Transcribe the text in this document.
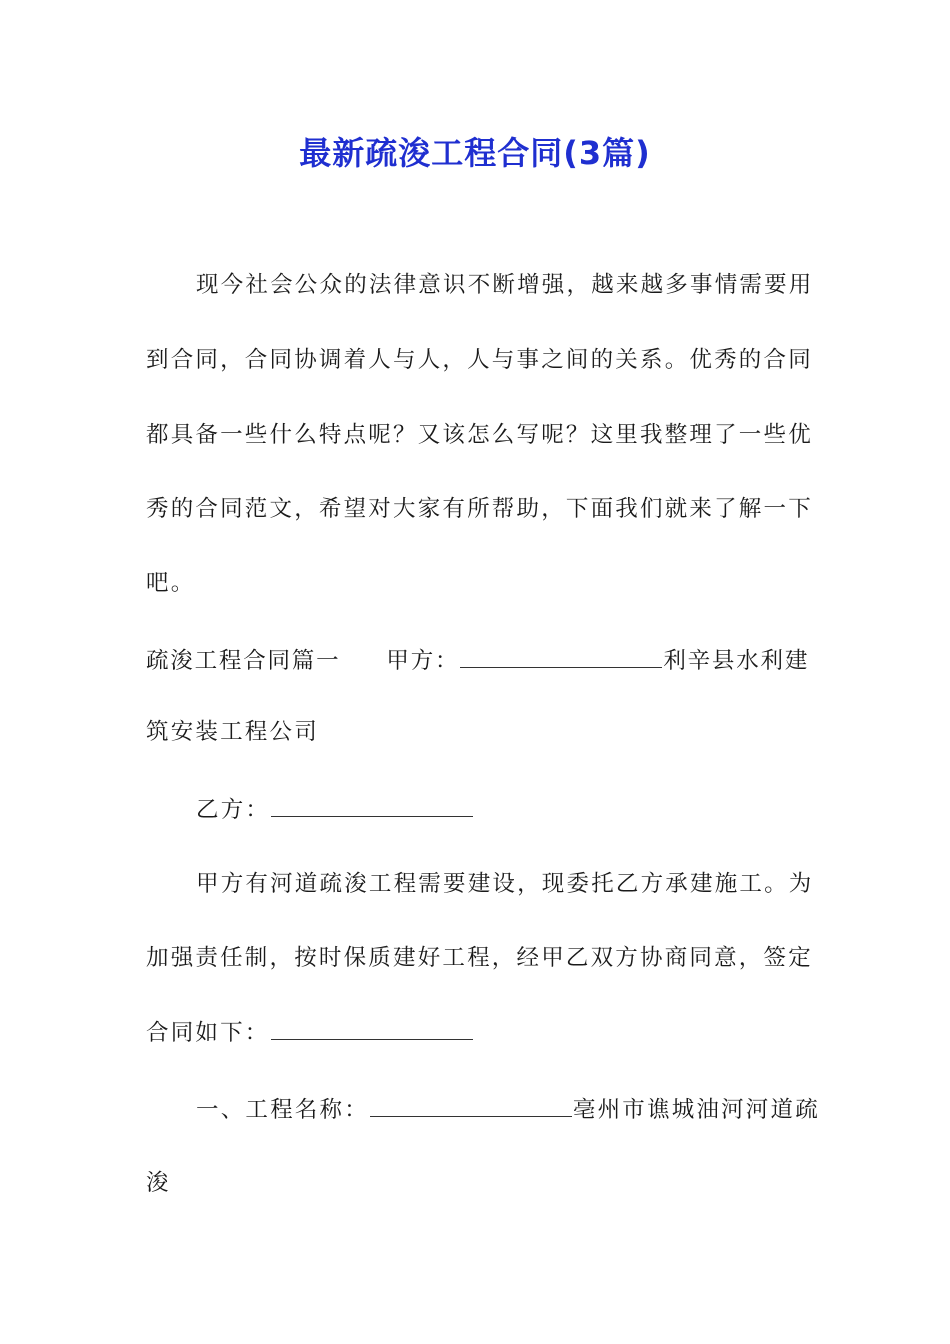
最新疏浚工程合同(3篇)
现今社会公众的法律意识不断增强，越来越多事情需要用
到合同，合同协调着人与人，人与事之间的关系。优秀的合同
都具备一些什么特点呢？又该怎么写呢？这里我整理了一些优
秀的合同范文，希望对大家有所帮助，下面我们就来了解一下
吧。
疏浚工程合同篇一 甲方：	利辛县水利建
筑安装工程公司
乙方：
甲方有河道疏浚工程需要建设，现委托乙方承建施工。为
加强责任制，按时保质建好工程，经甲乙双方协商同意，签定
合同如下：
一、工程名称：	亳州市谯城油河河道疏
浚
